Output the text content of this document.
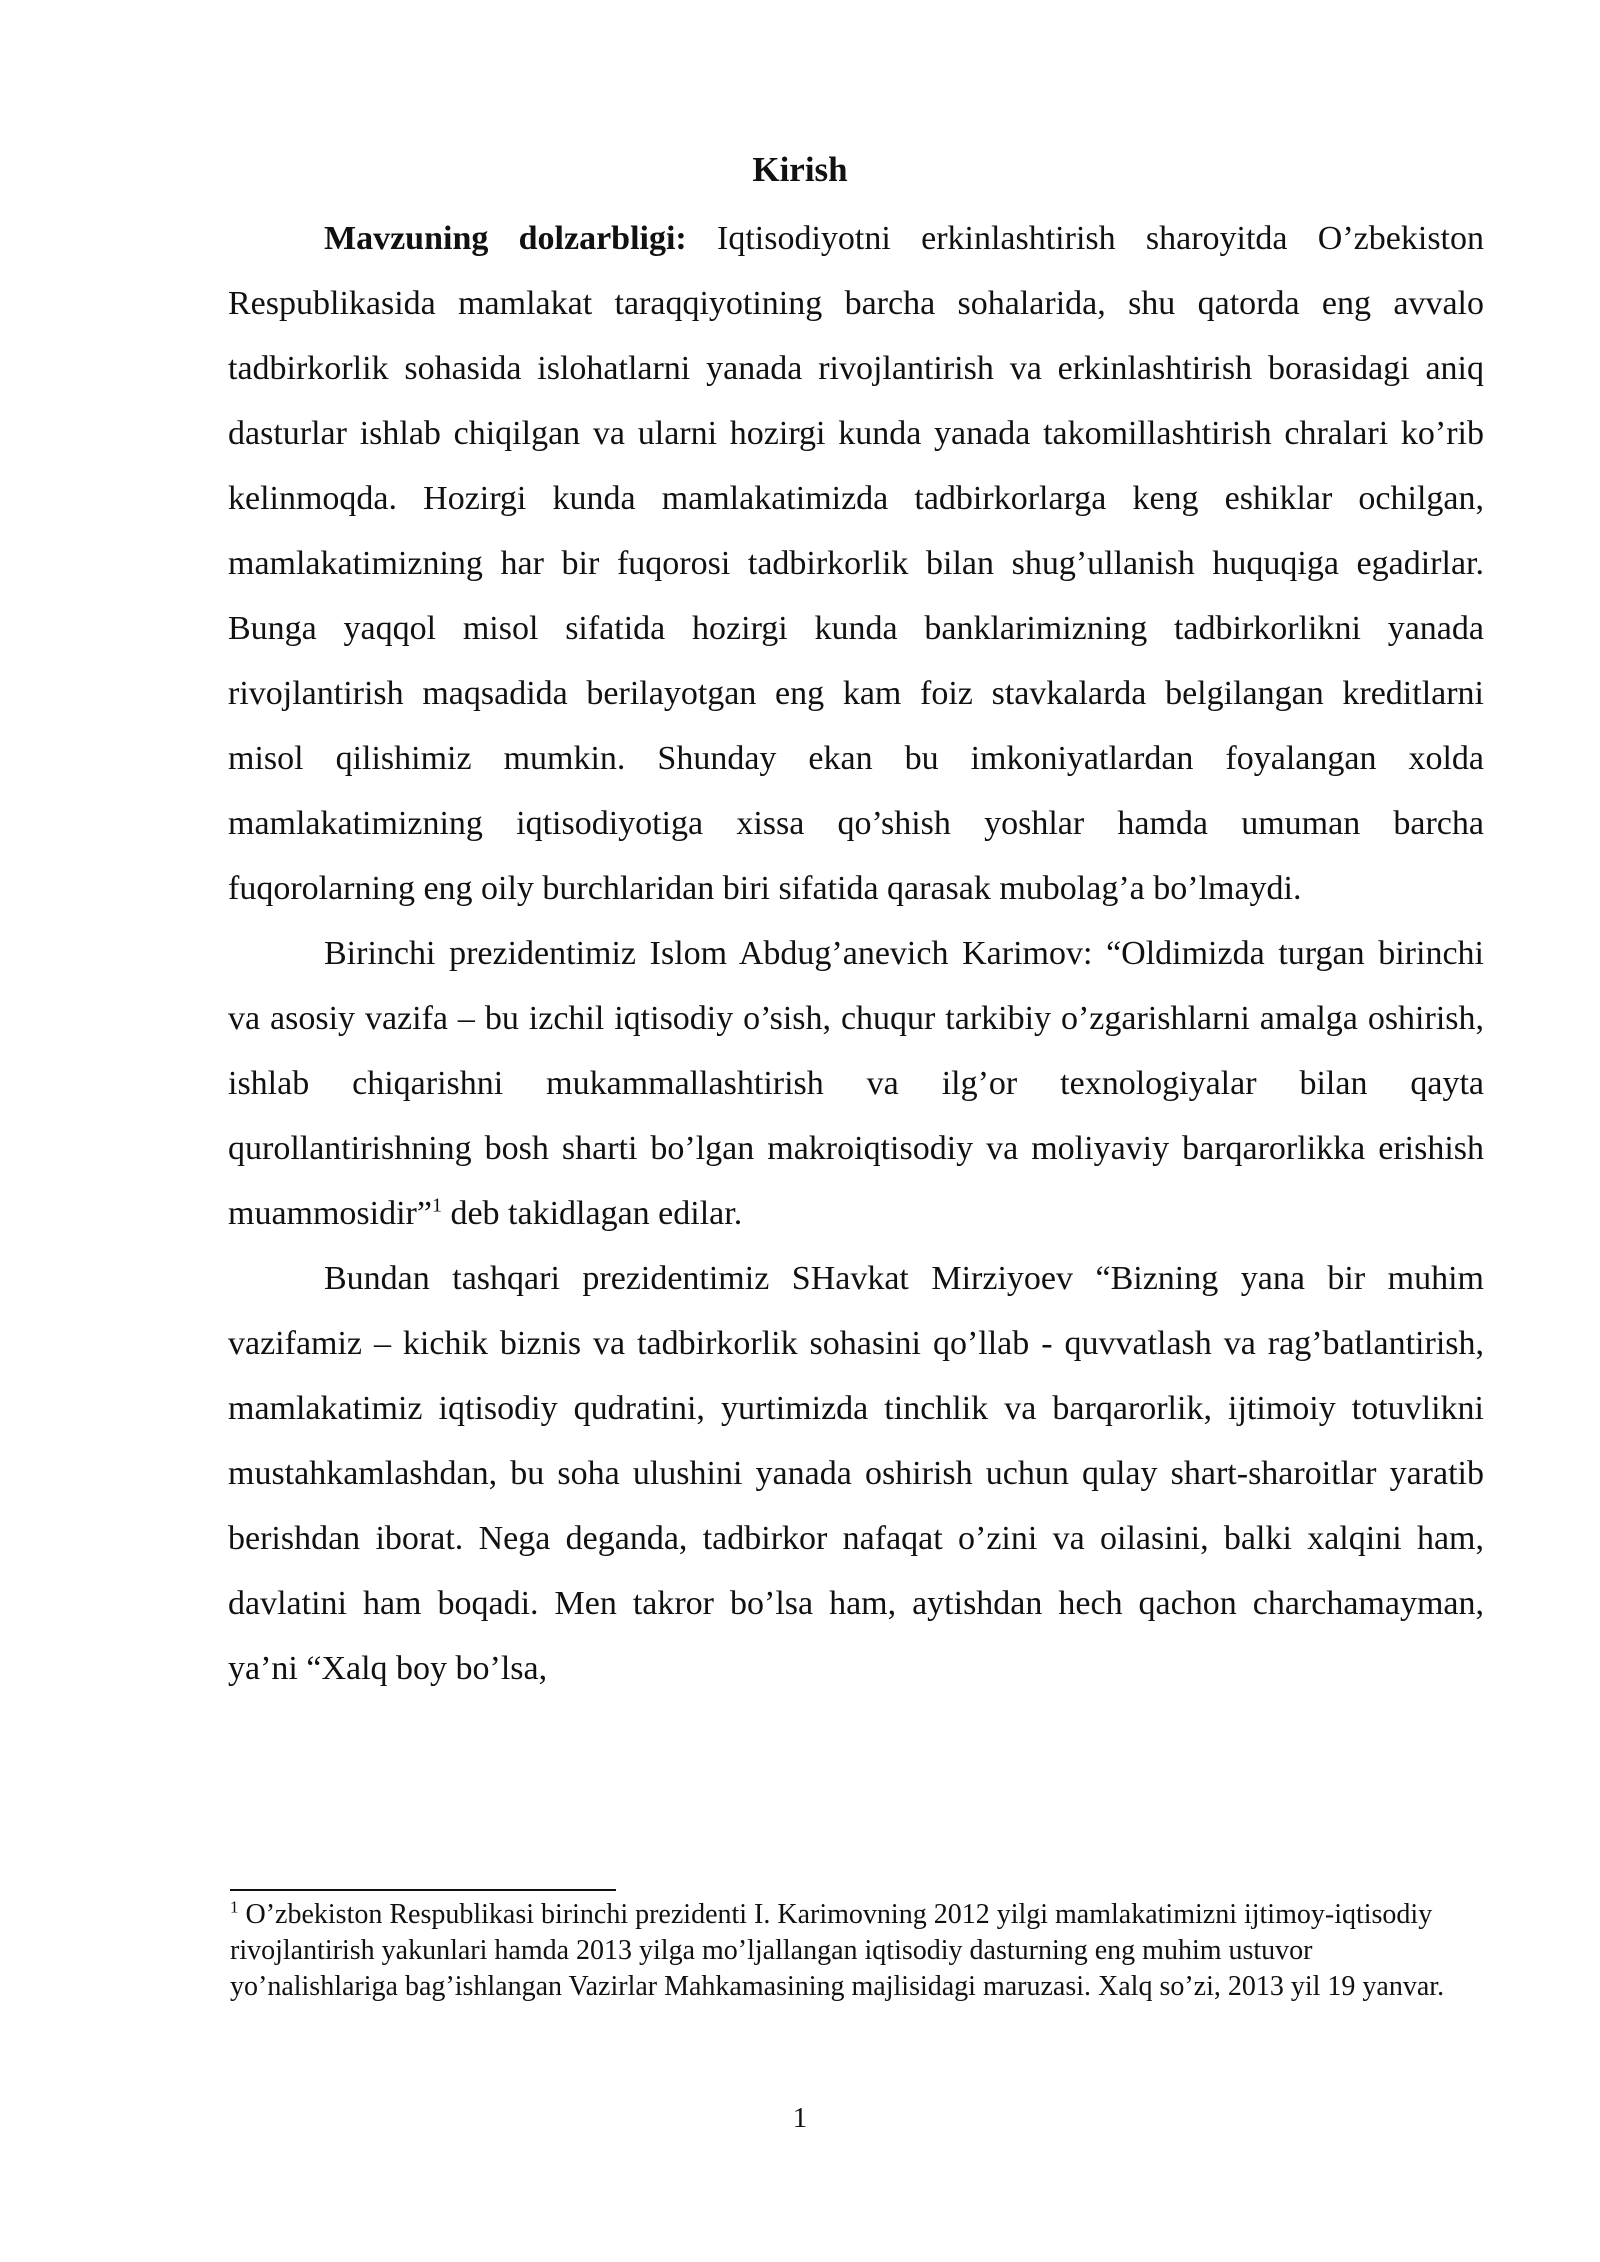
Kirish

Mavzuning dolzarbligi: Iqtisodiyotni erkinlashtirish sharoyitda O’zbekiston Respublikasida mamlakat taraqqiyotining barcha sohalarida, shu qatorda eng avvalo tadbirkorlik sohasida islohatlarni yanada rivojlantirish va erkinlashtirish borasidagi aniq dasturlar ishlab chiqilgan va ularni hozirgi kunda yanada takomillashtirish chralari ko’rib kelinmoqda. Hozirgi kunda mamlakatimizda tadbirkorlarga keng eshiklar ochilgan, mamlakatimizning har bir fuqorosi tadbirkorlik bilan shug’ullanish huquqiga egadirlar. Bunga yaqqol misol sifatida hozirgi kunda banklarimizning tadbirkorlikni yanada rivojlantirish maqsadida berilayotgan eng kam foiz stavkalarda belgilangan kreditlarni misol qilishimiz mumkin. Shunday ekan bu imkoniyatlardan foyalangan xolda mamlakatimizning iqtisodiyotiga xissa qo’shish yoshlar hamda umuman barcha fuqorolarning eng oily burchlaridan biri sifatida qarasak mubolag’a bo’lmaydi.

Birinchi prezidentimiz Islom Abdug’anevich Karimov: “Oldimizda turgan birinchi va asosiy vazifa – bu izchil iqtisodiy o’sish, chuqur tarkibiy o’zgarishlarni amalga oshirish, ishlab chiqarishni mukammallashtirish va ilg’or texnologiyalar bilan qayta qurollantirishning bosh sharti bo’lgan makroiqtisodiy va moliyaviy barqarorlikka erishish muammosidir”$^1$ deb takidlagan edilar.

Bundan tashqari prezidentimiz SHavkat Mirziyoev “Bizning yana bir muhim vazifamiz – kichik biznis va tadbirkorlik sohasini qo’llab - quvvatlash va rag’batlantirish, mamlakatimiz iqtisodiy qudratini, yurtimizda tinchlik va barqarorlik, ijtimoiy totuvlikni mustahkamlashdan, bu soha ulushini yanada oshirish uchun qulay shart-sharoitlar yaratib berishdan iborat. Nega deganda, tadbirkor nafaqat o’zini va oilasini, balki xalqini ham, davlatini ham boqadi. Men takror bo’lsa ham, aytishdan hech qachon charchamayman, ya’ni “Xalq boy bo’lsa,

$^1$ O’zbekiston Respublikasi birinchi prezidenti I. Karimovning 2012 yilgi mamlakatimizni ijtimoy-iqtisodiy rivojlantirish yakunlari hamda 2013 yilga mo’ljallangan iqtisodiy dasturning eng muhim ustuvor yo’nalishlariga bag’ishlangan Vazirlar Mahkamasining majlisidagi maruzasi. Xalq so’zi, 2013 yil 19 yanvar.
1
